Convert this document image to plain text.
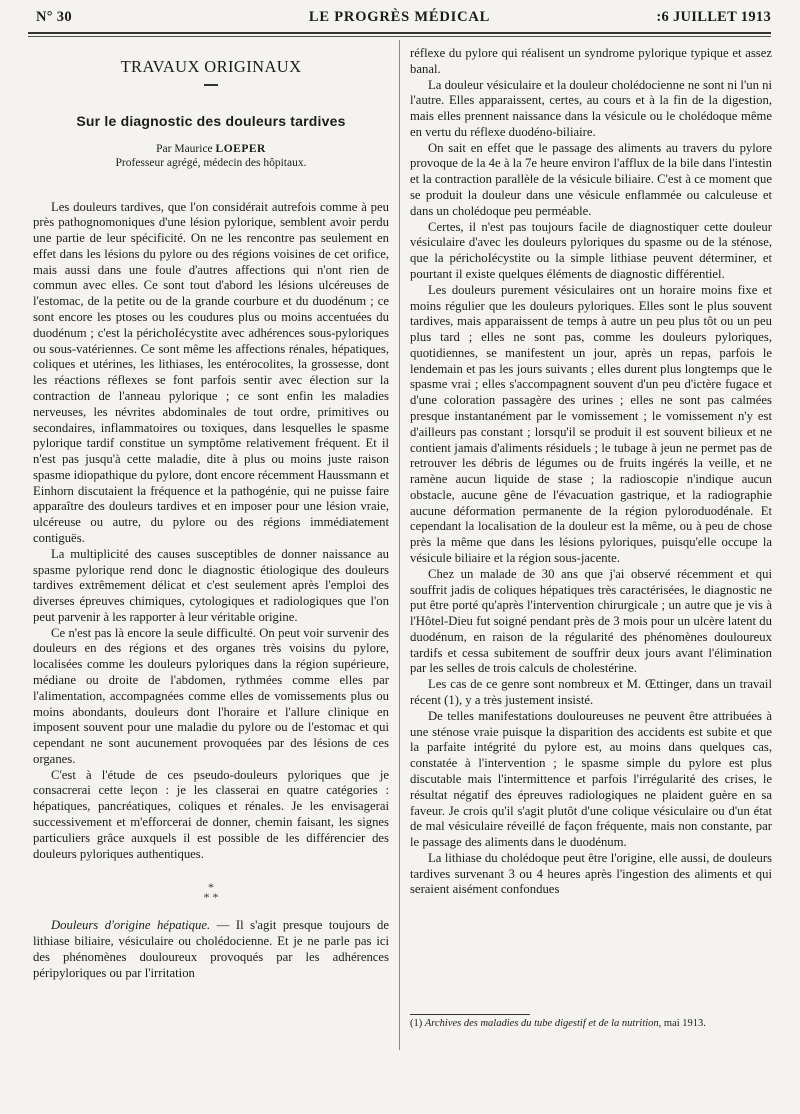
N° 30	LE PROGRÈS MÉDICAL	:6 JUILLET 1913
TRAVAUX ORIGINAUX
Sur le diagnostic des douleurs tardives
Par Maurice LOEPER
Professeur agrégé, médecin des hôpitaux.

Les douleurs tardives, que l'on considérait autrefois comme à peu près pathognomoniques d'une lésion pylorique, semblent avoir perdu une partie de leur spécificité. On ne les rencontre pas seulement en effet dans les lésions du pylore ou des régions voisines de cet orifice, mais aussi dans une foule d'autres affections qui n'ont rien de commun avec elles. Ce sont tout d'abord les lésions ulcéreuses de l'estomac, de la petite ou de la grande courbure et du duodénum ; ce sont encore les ptoses ou les coudures plus ou moins accentuées du duodénum ; c'est la périchoIécystite avec adhérences sous-pyloriques ou sous-vatériennes. Ce sont même les affections rénales, hépatiques, coliques et utérines, les lithiases, les entérocolites, la grossesse, dont les réactions réflexes se font parfois sentir avec élection sur la contraction de l'anneau pylorique ; ce sont enfin les maladies nerveuses, les névrites abdominales de tout ordre, primitives ou secondaires, inflammatoires ou toxiques, dans lesquelles le spasme pylorique tardif constitue un symptôme relativement fréquent. Et il n'est pas jusqu'à cette maladie, dite à plus ou moins juste raison spasme idiopathique du pylore, dont encore récemment Haussmann et Einhorn discutaient la fréquence et la pathogénie, qui ne puisse faire apparaître des douleurs tardives et en imposer pour une lésion vraie, ulcéreuse ou autre, du pylore ou des régions immédiatement contiguës.

La multiplicité des causes susceptibles de donner naissance au spasme pylorique rend donc le diagnostic étiologique des douleurs tardives extrêmement délicat et c'est seulement après l'emploi des diverses épreuves chimiques, cytologiques et radiologiques que l'on peut parvenir à les rapporter à leur véritable origine.

Ce n'est pas là encore la seule difficulté. On peut voir survenir des douleurs en des régions et des organes très voisins du pylore, localisées comme les douleurs pyloriques dans la région supérieure, médiane ou droite de l'abdomen, rythmées comme elles par l'alimentation, accompagnées comme elles de vomissements plus ou moins abondants, douleurs dont l'horaire et l'allure clinique en imposent souvent pour une maladie du pylore ou de l'estomac et qui cependant ne sont aucunement provoquées par des lésions de ces organes.

C'est à l'étude de ces pseudo-douleurs pyloriques que je consacrerai cette leçon : je les classerai en quatre catégories : hépatiques, pancréatiques, coliques et rénales. Je les envisagerai successivement et m'efforcerai de donner, chemin faisant, les signes particuliers grâce auxquels il est possible de les différencier des douleurs pyloriques authentiques.

*
* *

Douleurs d'origine hépatique. — Il s'agit presque toujours de lithiase biliaire, vésiculaire ou cholédocienne. Et je ne parle pas ici des phénomènes douloureux provoqués par les adhérences péripyloriques ou par l'irritation

réflexe du pylore qui réalisent un syndrome pylorique typique et assez banal.

La douleur vésiculaire et la douleur cholédocienne ne sont ni l'un ni l'autre. Elles apparaissent, certes, au cours et à la fin de la digestion, mais elles prennent naissance dans la vésicule ou le cholédoque même en vertu du réflexe duodéno-biliaire.

On sait en effet que le passage des aliments au travers du pylore provoque de la 4e à la 7e heure environ l'afflux de la bile dans l'intestin et la contraction parallèle de la vésicule biliaire. C'est à ce moment que se produit la douleur dans une vésicule enflammée ou calculeuse et dans un cholédoque peu perméable.

Certes, il n'est pas toujours facile de diagnostiquer cette douleur vésiculaire d'avec les douleurs pyloriques du spasme ou de la sténose, que la périchoIécystite ou la simple lithiase peuvent déterminer, et pourtant il existe quelques éléments de diagnostic différentiel.

Les douleurs purement vésiculaires ont un horaire moins fixe et moins régulier que les douleurs pyloriques. Elles sont le plus souvent tardives, mais apparaissent de temps à autre un peu plus tôt ou un peu plus tard ; elles ne sont pas, comme les douleurs pyloriques, quotidiennes, se manifestent un jour, après un repas, parfois le lendemain et pas les jours suivants ; elles durent plus longtemps que le spasme vrai ; elles s'accompagnent souvent d'un peu d'ictère fugace et d'une coloration passagère des urines ; elles ne sont pas calmées presque instantanément par le vomissement ; le vomissement n'y est d'ailleurs pas constant ; lorsqu'il se produit il est souvent bilieux et ne contient jamais d'aliments résiduels ; le tubage à jeun ne permet pas de retrouver les débris de légumes ou de fruits ingérés la veille, et ne ramène aucun liquide de stase ; la radioscopie n'indique aucun obstacle, aucune gêne de l'évacuation gastrique, et la radiographie aucune déformation permanente de la région pyloroduodénale. Et cependant la localisation de la douleur est la même, ou à peu de chose près la même que dans les lésions pyloriques, puisqu'elle occupe la vésicule biliaire et la région sous-jacente.

Chez un malade de 30 ans que j'ai observé récemment et qui souffrit jadis de coliques hépatiques très caractérisées, le diagnostic ne put être porté qu'après l'intervention chirurgicale ; un autre que je vis à l'Hôtel-Dieu fut soigné pendant près de 3 mois pour un ulcère latent du duodénum, en raison de la régularité des phénomènes douloureux tardifs et cessa subitement de souffrir deux jours avant l'élimination par les selles de trois calculs de cholestérine.

Les cas de ce genre sont nombreux et M. Œttinger, dans un travail récent (1), y a très justement insisté.

De telles manifestations douloureuses ne peuvent être attribuées à une sténose vraie puisque la disparition des accidents est subite et que la parfaite intégrité du pylore est, au moins dans quelques cas, constatée à l'intervention ; le spasme simple du pylore est plus discutable mais l'intermittence et parfois l'irrégularité des crises, le résultat négatif des épreuves radiologiques ne plaident guère en sa faveur. Je crois qu'il s'agit plutôt d'une colique vésiculaire ou d'un état de mal vésiculaire réveillé de façon fréquente, mais non constante, par le passage des aliments dans le duodénum.

La lithiase du cholédoque peut être l'origine, elle aussi, de douleurs tardives survenant 3 ou 4 heures après l'ingestion des aliments et qui seraient aisément confondues

(1) Archives des maladies du tube digestif et de la nutrition, mai 1913.
